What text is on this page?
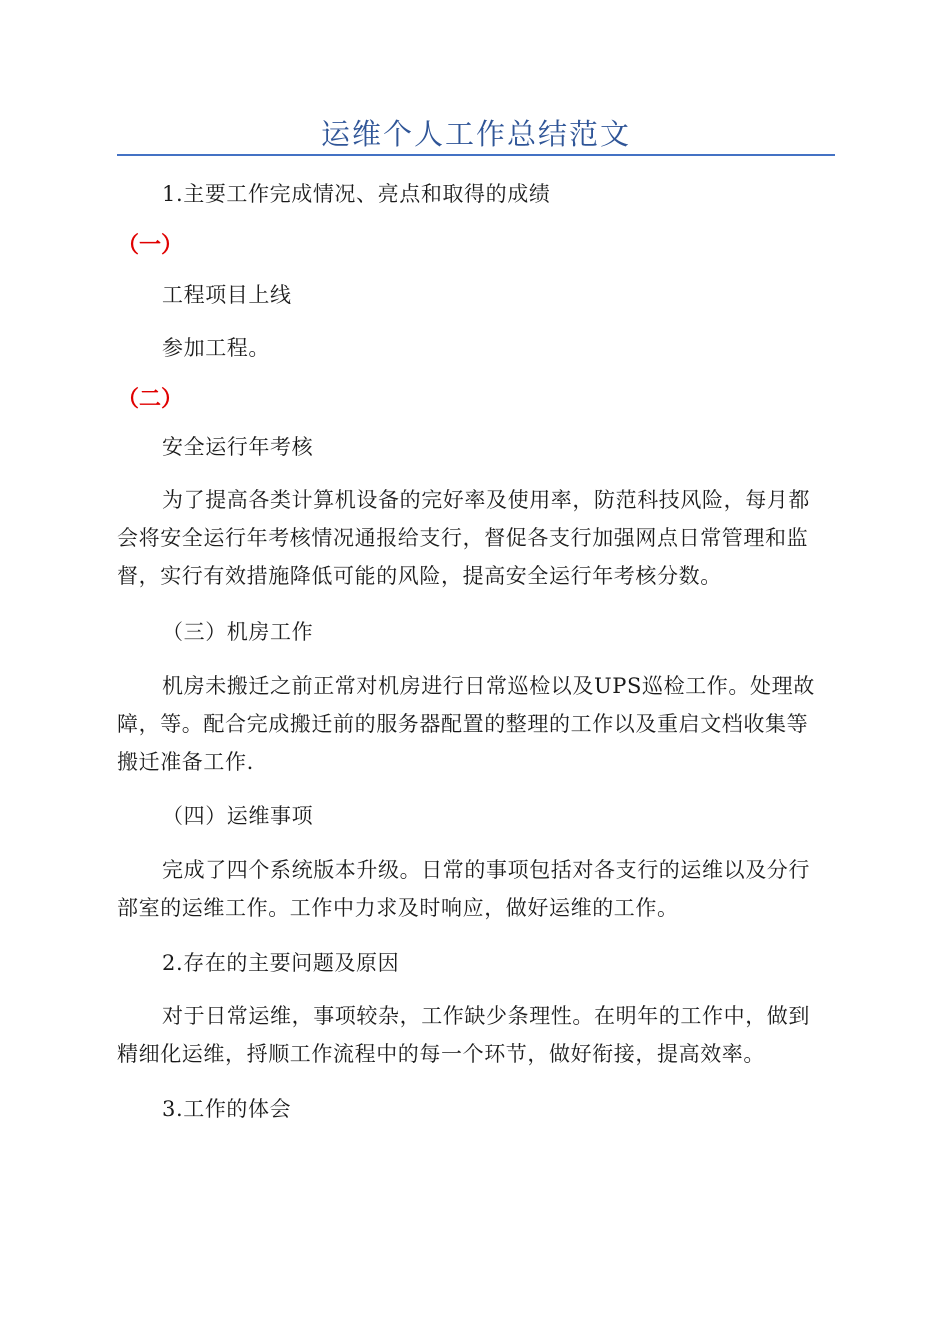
运维个人工作总结范文
1.主要工作完成情况、亮点和取得的成绩
（一）
工程项目上线
参加工程。
（二）
安全运行年考核
为了提高各类计算机设备的完好率及使用率，防范科技风险，每月都
会将安全运行年考核情况通报给支行，督促各支行加强网点日常管理和监
督，实行有效措施降低可能的风险，提高安全运行年考核分数。
（三）机房工作
机房未搬迁之前正常对机房进行日常巡检以及UPS巡检工作。处理故
障，等。配合完成搬迁前的服务器配置的整理的工作以及重启文档收集等
搬迁准备工作.
（四）运维事项
完成了四个系统版本升级。日常的事项包括对各支行的运维以及分行
部室的运维工作。工作中力求及时响应，做好运维的工作。
2.存在的主要问题及原因
对于日常运维，事项较杂，工作缺少条理性。在明年的工作中，做到
精细化运维，捋顺工作流程中的每一个环节，做好衔接，提高效率。
3.工作的体会
